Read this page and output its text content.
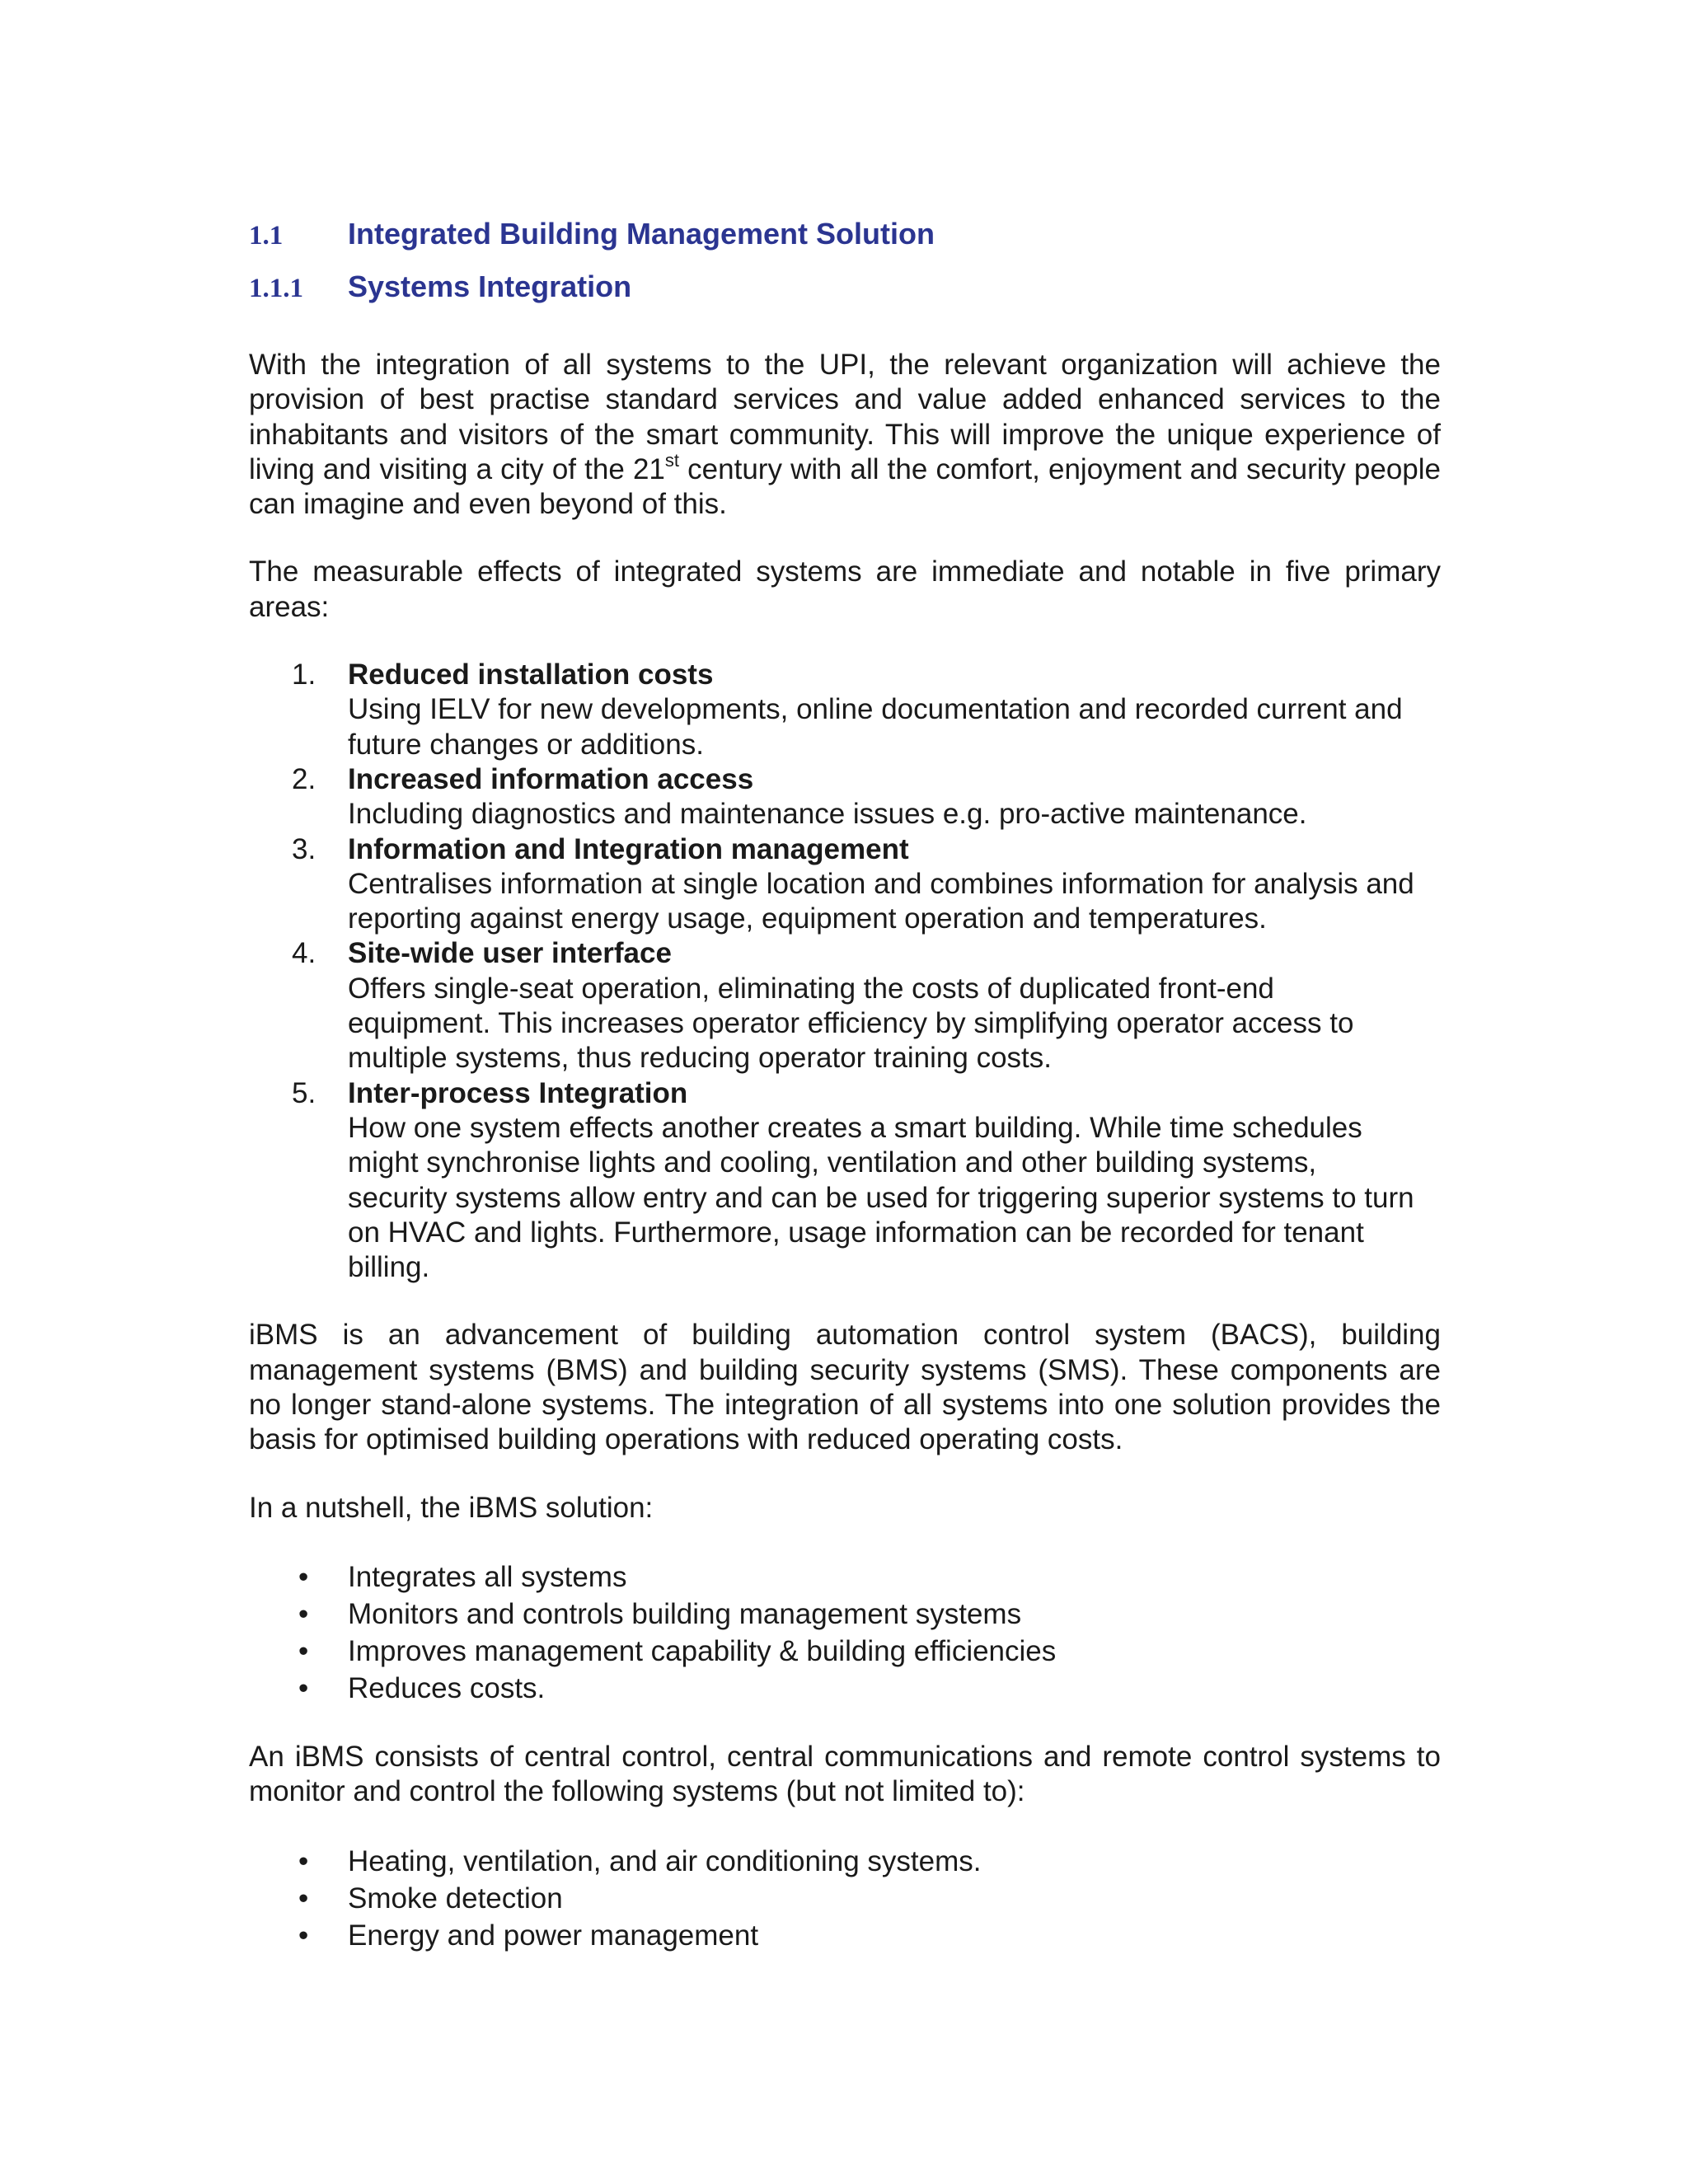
1.1	Integrated Building Management Solution
1.1.1	Systems Integration

With the integration of all systems to the UPI, the relevant organization will achieve the provision of best practise standard services and value added enhanced services to the inhabitants and visitors of the smart community. This will improve the unique experience of living and visiting a city of the 21st century with all the comfort, enjoyment and security people can imagine and even beyond of this.

The measurable effects of integrated systems are immediate and notable in five primary areas:

1.	Reduced installation costs
Using IELV for new developments, online documentation and recorded current and future changes or additions.
2.	Increased information access
Including diagnostics and maintenance issues e.g. pro-active maintenance.
3.	Information and Integration management
Centralises information at single location and combines information for analysis and reporting against energy usage, equipment operation and temperatures.
4.	Site-wide user interface
Offers single-seat operation, eliminating the costs of duplicated front-end equipment. This increases operator efficiency by simplifying operator access to multiple systems, thus reducing operator training costs.
5.	Inter-process Integration
How one system effects another creates a smart building. While time schedules might synchronise lights and cooling, ventilation and other building systems, security systems allow entry and can be used for triggering superior systems to turn on HVAC and lights. Furthermore, usage information can be recorded for tenant billing.

iBMS is an advancement of building automation control system (BACS), building management systems (BMS) and building security systems (SMS). These components are no longer stand-alone systems. The integration of all systems into one solution provides the basis for optimised building operations with reduced operating costs.

In a nutshell, the iBMS solution:

•	Integrates all systems
•	Monitors and controls building management systems
•	Improves management capability & building efficiencies
•	Reduces costs.

An iBMS consists of central control, central communications and remote control systems to monitor and control the following systems (but not limited to):

•	Heating, ventilation, and air conditioning systems.
•	Smoke detection
•	Energy and power management
